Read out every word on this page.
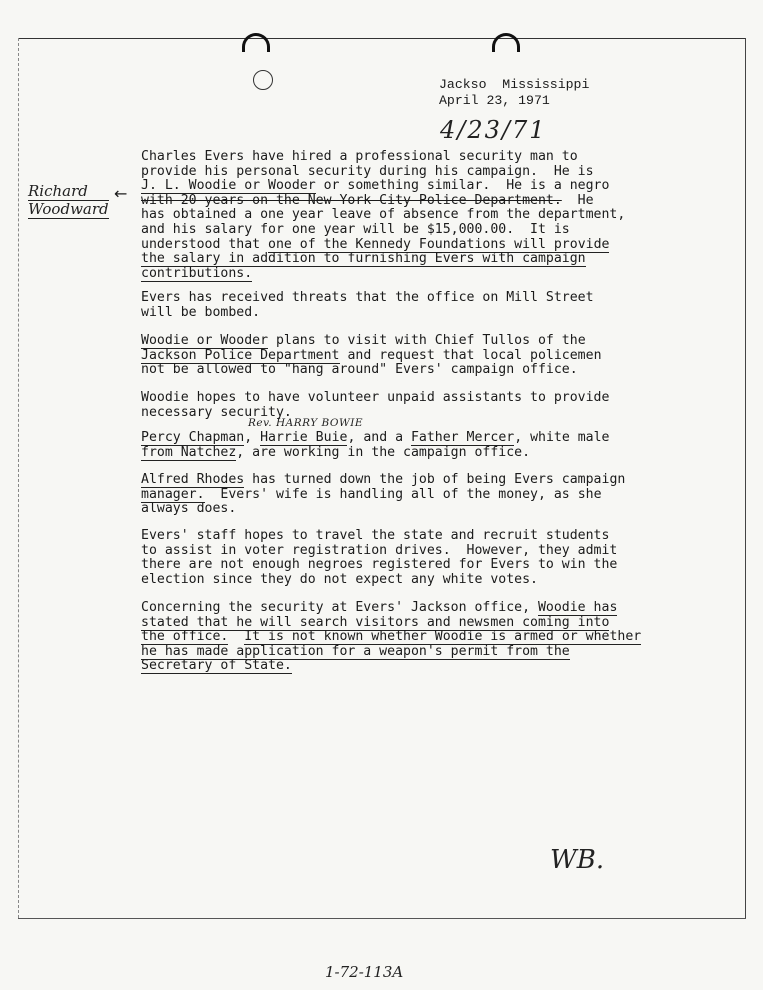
Jackso  Mississippi
April 23, 1971
4/23/71
Richard
Woodward
←
Charles Evers have hired a professional security man to
provide his personal security during his campaign.  He is
J. L. Woodie or Wooder or something similar.  He is a negro
with 20 years on the New York City Police Department.  He
has obtained a one year leave of absence from the department,
and his salary for one year will be $15,000.00.  It is
understood that one of the Kennedy Foundations will provide
the salary in addition to furnishing Evers with campaign
contributions.
Evers has received threats that the office on Mill Street
will be bombed.
Woodie or Wooder plans to visit with Chief Tullos of the
Jackson Police Department and request that local policemen
not be allowed to "hang around" Evers' campaign office.
Woodie hopes to have volunteer unpaid assistants to provide
necessary security.
Rev. HARRY BOWIE
Percy Chapman, Harrie Buie, and a Father Mercer, white male
from Natchez, are working in the campaign office.
Alfred Rhodes has turned down the job of being Evers campaign
manager.  Evers' wife is handling all of the money, as she
always does.
Evers' staff hopes to travel the state and recruit students
to assist in voter registration drives.  However, they admit
there are not enough negroes registered for Evers to win the
election since they do not expect any white votes.
Concerning the security at Evers' Jackson office, Woodie has
stated that he will search visitors and newsmen coming into
the office. It is not known whether Woodie is armed or whether
he has made application for a weapon's permit from the
Secretary of State.
WB.
1-72-113A
